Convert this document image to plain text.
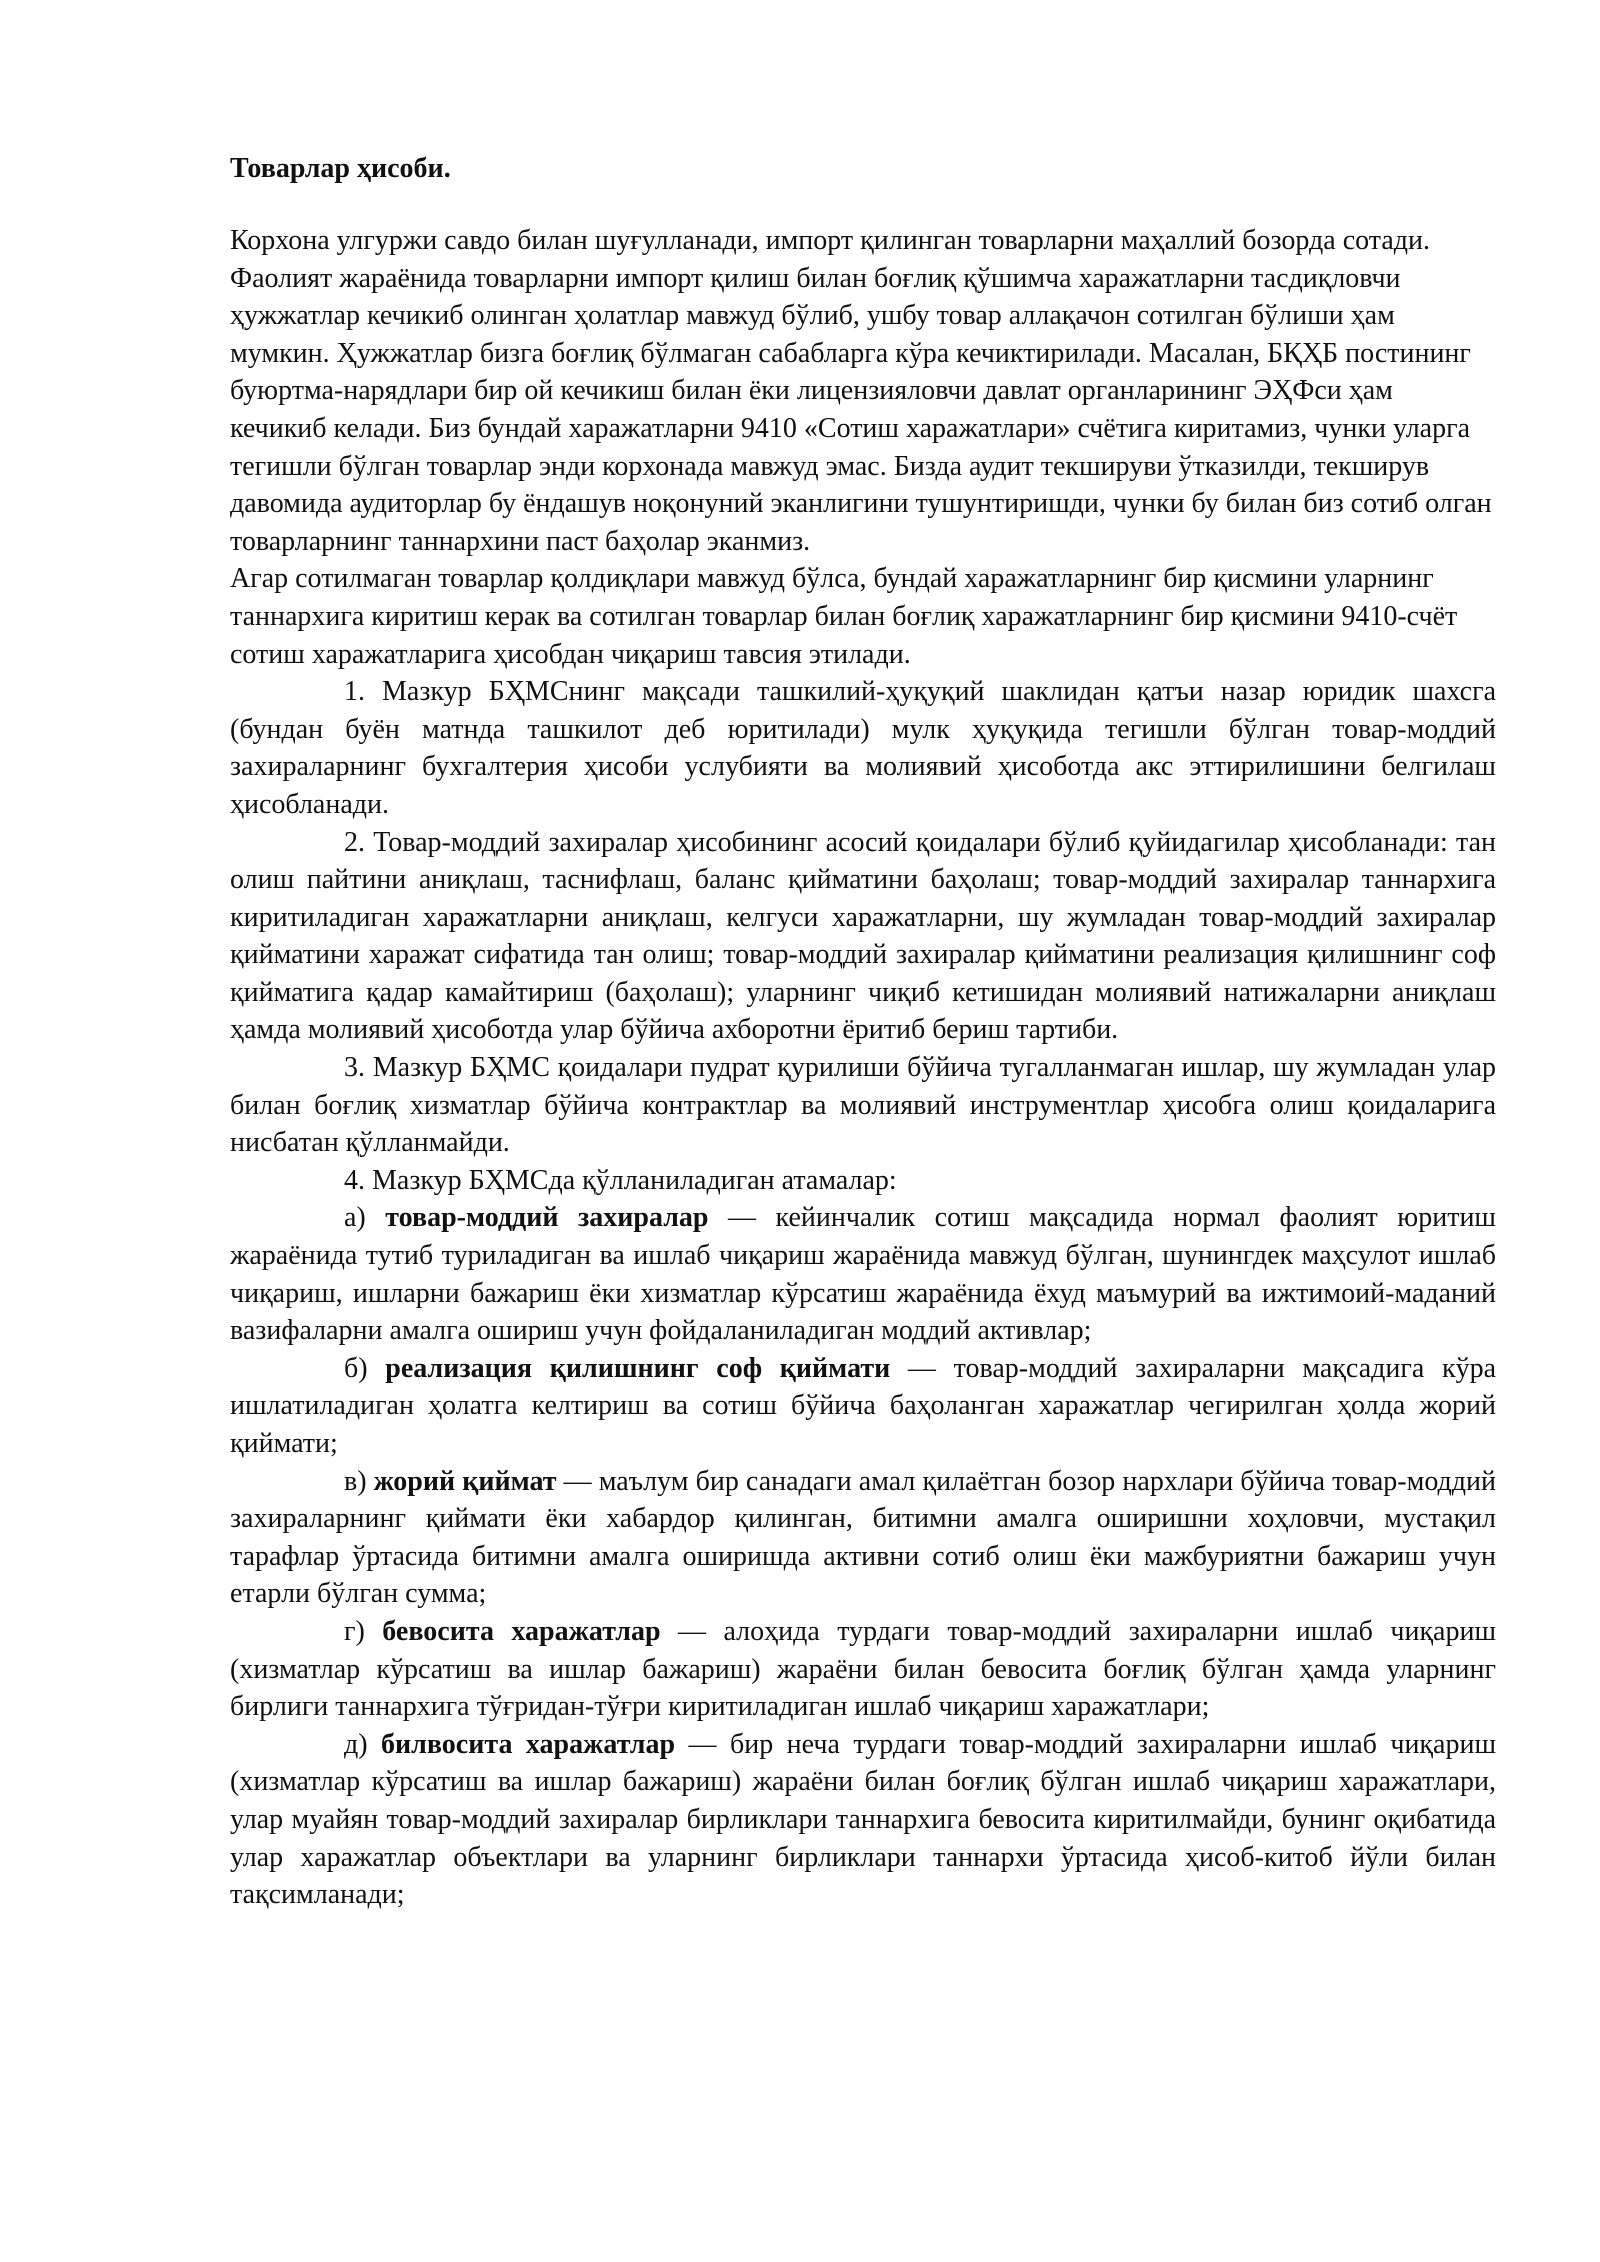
Товарлар ҳисоби.

Корхона улгуржи савдо билан шуғулланади, импорт қилинган товарларни маҳаллий бозорда сотади. Фаолият жараёнида товарларни импорт қилиш билан боғлиқ қўшимча харажатларни тасдиқловчи ҳужжатлар кечикиб олинган ҳолатлар мавжуд бўлиб, ушбу товар аллақачон сотилган бўлиши ҳам мумкин. Ҳужжатлар бизга боғлиқ бўлмаган сабабларга кўра кечиктирилади. Масалан, БҚҲБ постининг буюртма-нарядлари бир ой кечикиш билан ёки лицензияловчи давлат органларининг ЭҲФси ҳам кечикиб келади. Биз бундай харажатларни 9410 «Сотиш харажатлари» счётига киритамиз, чунки уларга тегишли бўлган товарлар энди корхонада мавжуд эмас. Бизда аудит текшируви ўтказилди, текширув давомида аудиторлар бу ёндашув ноқонуний эканлигини тушунтиришди, чунки бу билан биз сотиб олган товарларнинг таннархини паст баҳолар эканмиз.

Агар сотилмаган товарлар қолдиқлари мавжуд бўлса, бундай харажатларнинг бир қисмини уларнинг таннархига киритиш керак ва сотилган товарлар билан боғлиқ харажатларнинг бир қисмини 9410-счёт сотиш харажатларига ҳисобдан чиқариш тавсия этилади.

1. Мазкур БҲМСнинг мақсади ташкилий-ҳуқуқий шаклидан қатъи назар юридик шахсга (бундан буён матнда ташкилот деб юритилади) мулк ҳуқуқида тегишли бўлган товар-моддий захираларнинг бухгалтерия ҳисоби услубияти ва молиявий ҳисоботда акс эттирилишини белгилаш ҳисобланади.

2. Товар-моддий захиралар ҳисобининг асосий қоидалари бўлиб қуйидагилар ҳисобланади: тан олиш пайтини аниқлаш, таснифлаш, баланс қийматини баҳолаш; товар-моддий захиралар таннархига киритиладиган харажатларни аниқлаш, келгуси харажатларни, шу жумладан товар-моддий захиралар қийматини харажат сифатида тан олиш; товар-моддий захиралар қийматини реализация қилишнинг соф қийматига қадар камайтириш (баҳолаш); уларнинг чиқиб кетишидан молиявий натижаларни аниқлаш ҳамда молиявий ҳисоботда улар бўйича ахборотни ёритиб бериш тартиби.

3. Мазкур БҲМС қоидалари пудрат қурилиши бўйича тугалланмаган ишлар, шу жумладан улар билан боғлиқ хизматлар бўйича контрактлар ва молиявий инструментлар ҳисобга олиш қоидаларига нисбатан қўлланмайди.

4. Мазкур БҲМСда қўлланиладиган атамалар:

а) товар-моддий захиралар — кейинчалик сотиш мақсадида нормал фаолият юритиш жараёнида тутиб туриладиган ва ишлаб чиқариш жараёнида мавжуд бўлган, шунингдек маҳсулот ишлаб чиқариш, ишларни бажариш ёки хизматлар кўрсатиш жараёнида ёхуд маъмурий ва ижтимоий-маданий вазифаларни амалга ошириш учун фойдаланиладиган моддий активлар;

б) реализация қилишнинг соф қиймати — товар-моддий захираларни мақсадига кўра ишлатиладиган ҳолатга келтириш ва сотиш бўйича баҳоланган харажатлар чегирилган ҳолда жорий қиймати;

в) жорий қиймат — маълум бир санадаги амал қилаётган бозор нархлари бўйича товар-моддий захираларнинг қиймати ёки хабардор қилинган, битимни амалга оширишни хоҳловчи, мустақил тарафлар ўртасида битимни амалга оширишда активни сотиб олиш ёки мажбуриятни бажариш учун етарли бўлган сумма;

г) бевосита харажатлар — алоҳида турдаги товар-моддий захираларни ишлаб чиқариш (хизматлар кўрсатиш ва ишлар бажариш) жараёни билан бевосита боғлиқ бўлган ҳамда уларнинг бирлиги таннархига тўғридан-тўғри киритиладиган ишлаб чиқариш харажатлари;

д) билвосита харажатлар — бир неча турдаги товар-моддий захираларни ишлаб чиқариш (хизматлар кўрсатиш ва ишлар бажариш) жараёни билан боғлиқ бўлган ишлаб чиқариш харажатлари, улар муайян товар-моддий захиралар бирликлари таннархига бевосита киритилмайди, бунинг оқибатида улар харажатлар объектлари ва уларнинг бирликлари таннархи ўртасида ҳисоб-китоб йўли билан тақсимланади;
